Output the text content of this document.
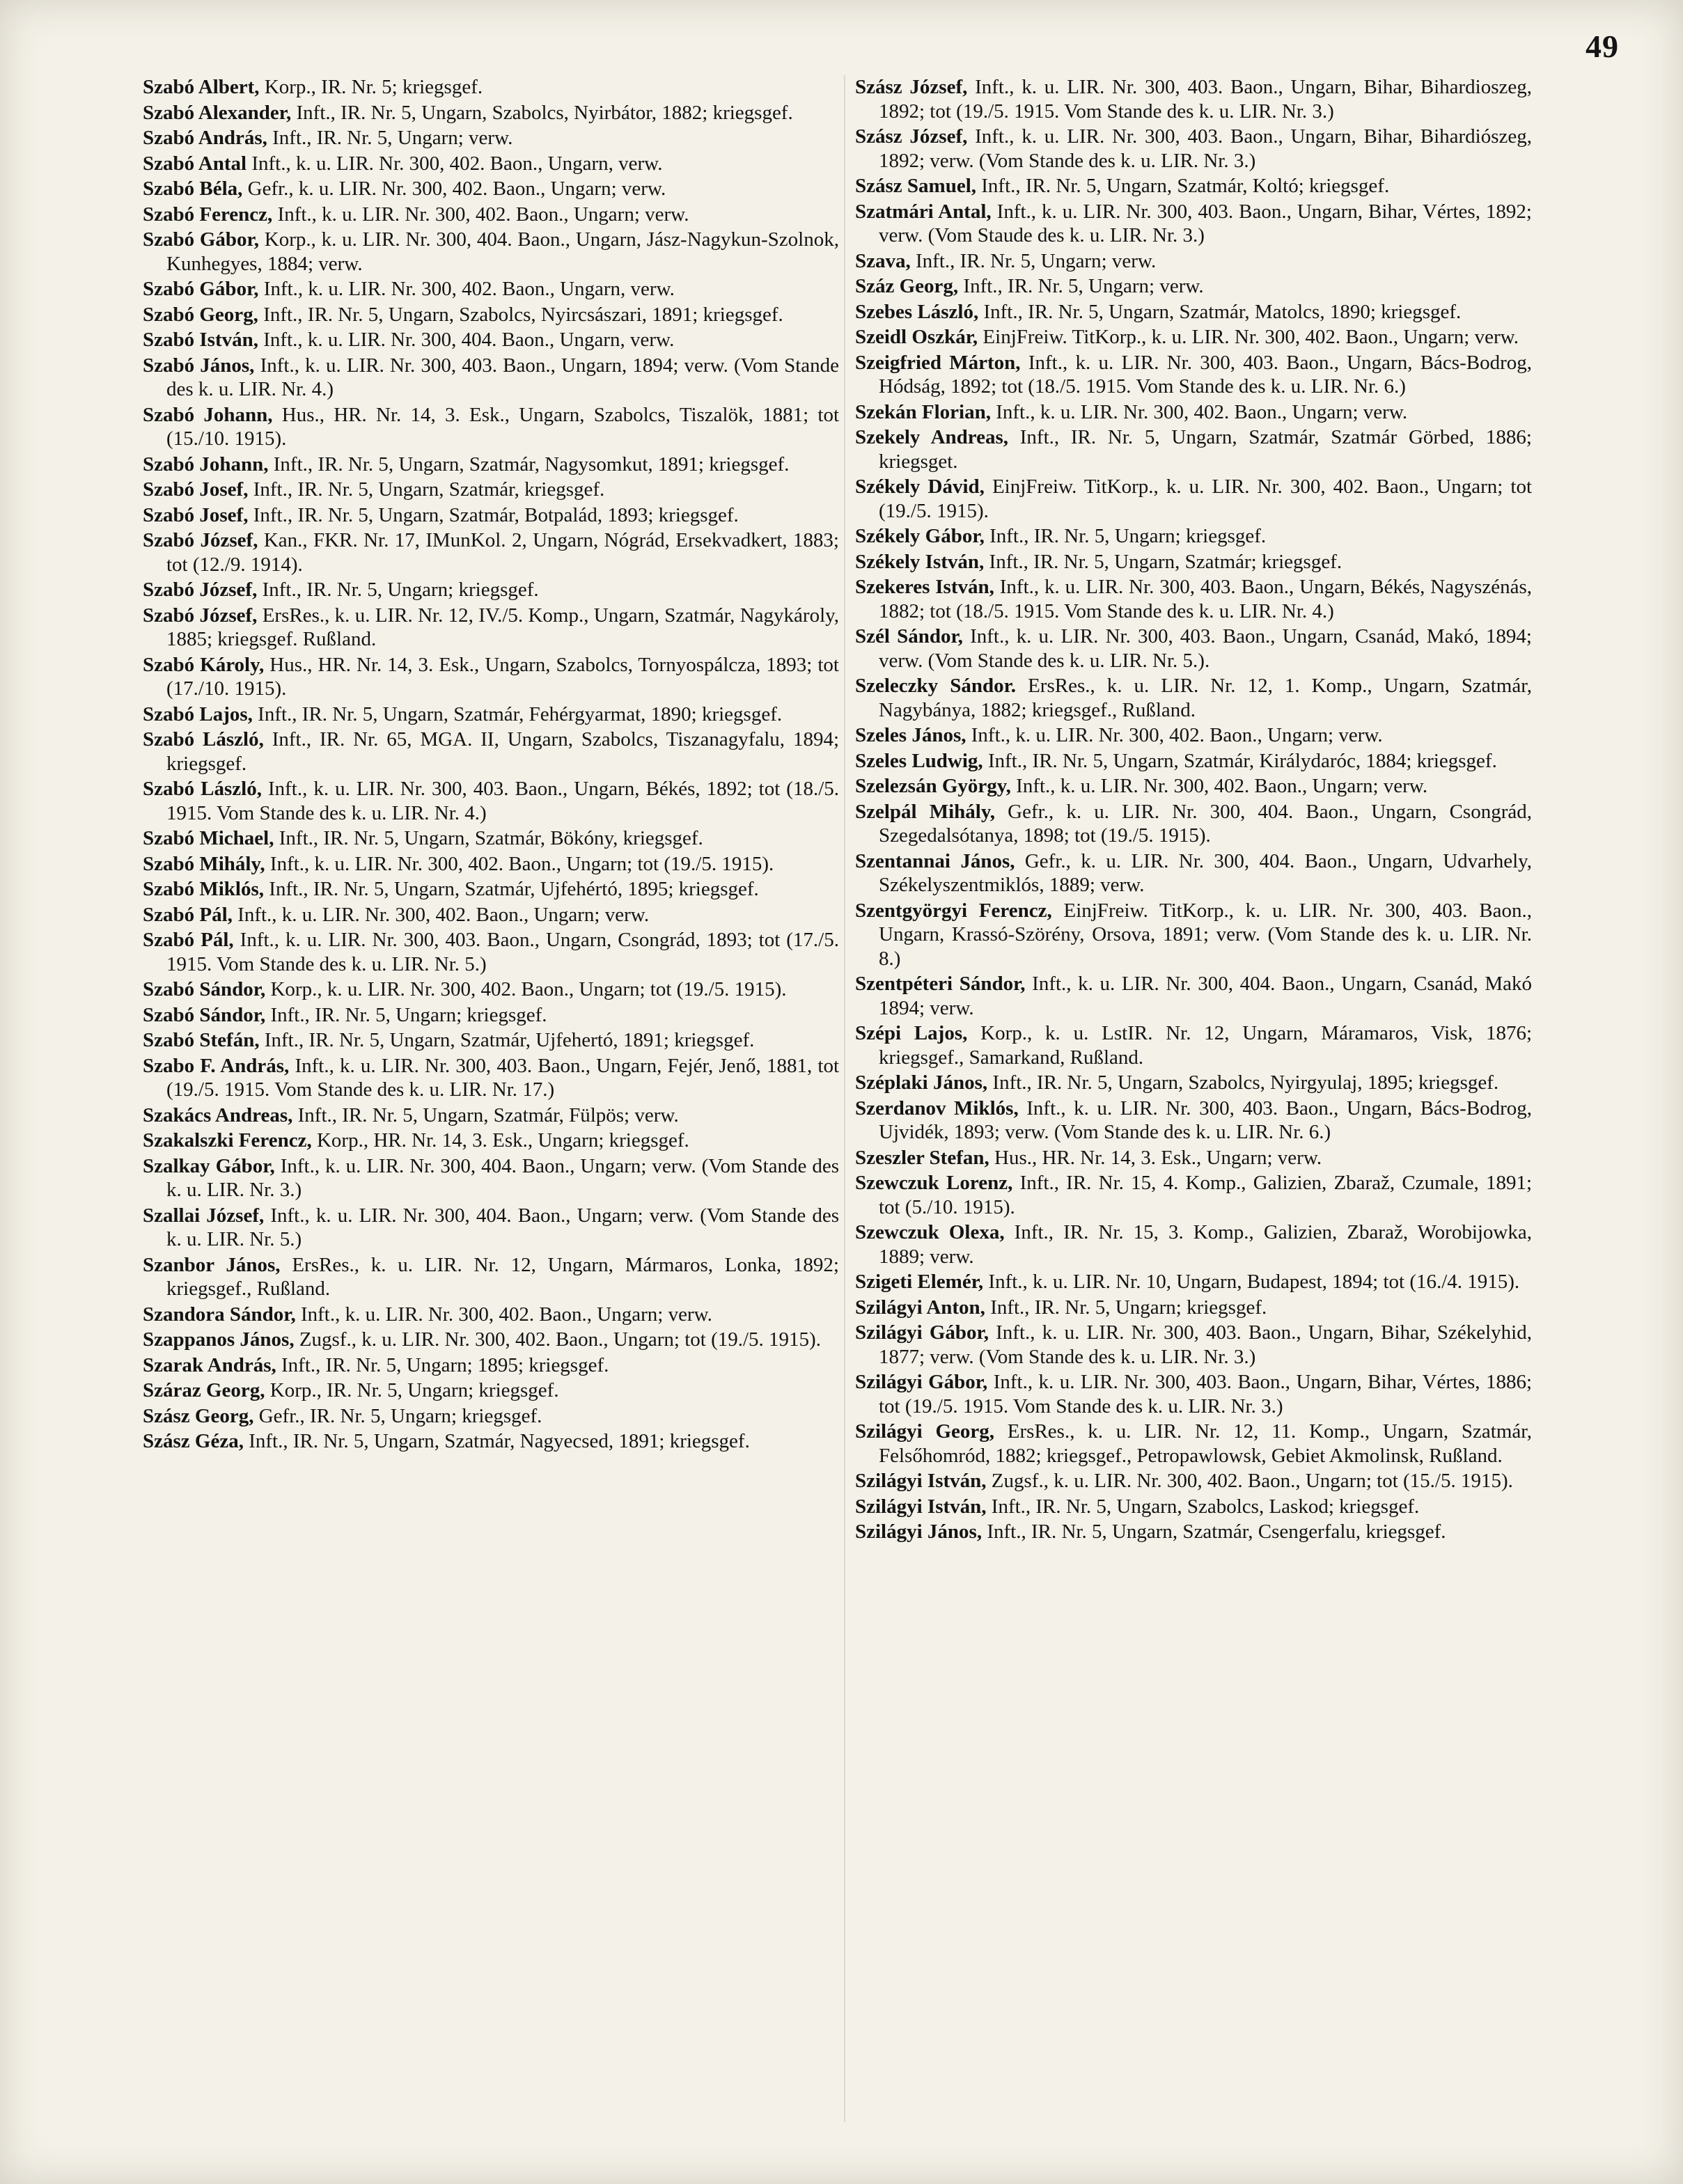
49

Szabó Albert, Korp., IR. Nr. 5; kriegsgef.

Szabó Alexander, Inft., IR. Nr. 5, Ungarn, Szabolcs, Nyirbátor, 1882; kriegsgef.

Szabó András, Inft., IR. Nr. 5, Ungarn; verw.

Szabó Antal Inft., k. u. LIR. Nr. 300, 402. Baon., Ungarn, verw.

Szabó Béla, Gefr., k. u. LIR. Nr. 300, 402. Baon., Ungarn; verw.

Szabó Ferencz, Inft., k. u. LIR. Nr. 300, 402. Baon., Ungarn; verw.

Szabó Gábor, Korp., k. u. LIR. Nr. 300, 404. Baon., Ungarn, Jász-Nagykun-Szolnok, Kunhegyes, 1884; verw.

Szabó Gábor, Inft., k. u. LIR. Nr. 300, 402. Baon., Ungarn, verw.

Szabó Georg, Inft., IR. Nr. 5, Ungarn, Szabolcs, Nyircsászari, 1891; kriegsgef.

Szabó István, Inft., k. u. LIR. Nr. 300, 404. Baon., Ungarn, verw.

Szabó János, Inft., k. u. LIR. Nr. 300, 403. Baon., Ungarn, 1894; verw. (Vom Stande des k. u. LIR. Nr. 4.)

Szabó Johann, Hus., HR. Nr. 14, 3. Esk., Ungarn, Szabolcs, Tiszalök, 1881; tot (15./10. 1915).

Szabó Johann, Inft., IR. Nr. 5, Ungarn, Szatmár, Nagysomkut, 1891; kriegsgef.

Szabó Josef, Inft., IR. Nr. 5, Ungarn, Szatmár, kriegsgef.

Szabó Josef, Inft., IR. Nr. 5, Ungarn, Szatmár, Botpalád, 1893; kriegsgef.

Szabó József, Kan., FKR. Nr. 17, IMunKol. 2, Ungarn, Nógrád, Ersekvadkert, 1883; tot (12./9. 1914).

Szabó József, Inft., IR. Nr. 5, Ungarn; kriegsgef.

Szabó József, ErsRes., k. u. LIR. Nr. 12, IV./5. Komp., Ungarn, Szatmár, Nagykároly, 1885; kriegsgef. Rußland.

Szabó Károly, Hus., HR. Nr. 14, 3. Esk., Ungarn, Szabolcs, Tornyospálcza, 1893; tot (17./10. 1915).

Szabó Lajos, Inft., IR. Nr. 5, Ungarn, Szatmár, Fehérgyarmat, 1890; kriegsgef.

Szabó László, Inft., IR. Nr. 65, MGA. II, Ungarn, Szabolcs, Tiszanagyfalu, 1894; kriegsgef.

Szabó László, Inft., k. u. LIR. Nr. 300, 403. Baon., Ungarn, Békés, 1892; tot (18./5. 1915. Vom Stande des k. u. LIR. Nr. 4.)

Szabó Michael, Inft., IR. Nr. 5, Ungarn, Szatmár, Bökóny, kriegsgef.

Szabó Mihály, Inft., k. u. LIR. Nr. 300, 402. Baon., Ungarn; tot (19./5. 1915).

Szabó Miklós, Inft., IR. Nr. 5, Ungarn, Szatmár, Ujfehértó, 1895; kriegsgef.

Szabó Pál, Inft., k. u. LIR. Nr. 300, 402. Baon., Ungarn; verw.

Szabó Pál, Inft., k. u. LIR. Nr. 300, 403. Baon., Ungarn, Csongrád, 1893; tot (17./5. 1915. Vom Stande des k. u. LIR. Nr. 5.)

Szabó Sándor, Korp., k. u. LIR. Nr. 300, 402. Baon., Ungarn; tot (19./5. 1915).

Szabó Sándor, Inft., IR. Nr. 5, Ungarn; kriegsgef.

Szabó Stefán, Inft., IR. Nr. 5, Ungarn, Szatmár, Ujfehertó, 1891; kriegsgef.

Szabo F. András, Inft., k. u. LIR. Nr. 300, 403. Baon., Ungarn, Fejér, Jenő, 1881, tot (19./5. 1915. Vom Stande des k. u. LIR. Nr. 17.)

Szakács Andreas, Inft., IR. Nr. 5, Ungarn, Szatmár, Fülpös; verw.

Szakalszki Ferencz, Korp., HR. Nr. 14, 3. Esk., Ungarn; kriegsgef.

Szalkay Gábor, Inft., k. u. LIR. Nr. 300, 404. Baon., Ungarn; verw. (Vom Stande des k. u. LIR. Nr. 3.)

Szallai József, Inft., k. u. LIR. Nr. 300, 404. Baon., Ungarn; verw. (Vom Stande des k. u. LIR. Nr. 5.)

Szanbor János, ErsRes., k. u. LIR. Nr. 12, Ungarn, Mármaros, Lonka, 1892; kriegsgef., Rußland.

Szandora Sándor, Inft., k. u. LIR. Nr. 300, 402. Baon., Ungarn; verw.

Szappanos János, Zugsf., k. u. LIR. Nr. 300, 402. Baon., Ungarn; tot (19./5. 1915).

Szarak András, Inft., IR. Nr. 5, Ungarn; 1895; kriegsgef.

Száraz Georg, Korp., IR. Nr. 5, Ungarn; kriegsgef.

Szász Georg, Gefr., IR. Nr. 5, Ungarn; kriegsgef.

Szász Géza, Inft., IR. Nr. 5, Ungarn, Szatmár, Nagyecsed, 1891; kriegsgef.

Szász József, Inft., k. u. LIR. Nr. 300, 403. Baon., Ungarn, Bihar, Bihardioszeg, 1892; tot (19./5. 1915. Vom Stande des k. u. LIR. Nr. 3.)

Szász József, Inft., k. u. LIR. Nr. 300, 403. Baon., Ungarn, Bihar, Bihardiószeg, 1892; verw. (Vom Stande des k. u. LIR. Nr. 3.)

Szász Samuel, Inft., IR. Nr. 5, Ungarn, Szatmár, Koltó; kriegsgef.

Szatmári Antal, Inft., k. u. LIR. Nr. 300, 403. Baon., Ungarn, Bihar, Vértes, 1892; verw. (Vom Staude des k. u. LIR. Nr. 3.)

Szava, Inft., IR. Nr. 5, Ungarn; verw.

Száz Georg, Inft., IR. Nr. 5, Ungarn; verw.

Szebes László, Inft., IR. Nr. 5, Ungarn, Szatmár, Matolcs, 1890; kriegsgef.

Szeidl Oszkár, EinjFreiw. TitKorp., k. u. LIR. Nr. 300, 402. Baon., Ungarn; verw.

Szeigfried Márton, Inft., k. u. LIR. Nr. 300, 403. Baon., Ungarn, Bács-Bodrog, Hódság, 1892; tot (18./5. 1915. Vom Stande des k. u. LIR. Nr. 6.)

Szekán Florian, Inft., k. u. LIR. Nr. 300, 402. Baon., Ungarn; verw.

Szekely Andreas, Inft., IR. Nr. 5, Ungarn, Szatmár, Szatmár Görbed, 1886; kriegsget.

Székely Dávid, EinjFreiw. TitKorp., k. u. LIR. Nr. 300, 402. Baon., Ungarn; tot (19./5. 1915).

Székely Gábor, Inft., IR. Nr. 5, Ungarn; kriegsgef.

Székely István, Inft., IR. Nr. 5, Ungarn, Szatmár; kriegsgef.

Szekeres István, Inft., k. u. LIR. Nr. 300, 403. Baon., Ungarn, Békés, Nagyszénás, 1882; tot (18./5. 1915. Vom Stande des k. u. LIR. Nr. 4.)

Szél Sándor, Inft., k. u. LIR. Nr. 300, 403. Baon., Ungarn, Csanád, Makó, 1894; verw. (Vom Stande des k. u. LIR. Nr. 5.).

Szeleczky Sándor. ErsRes., k. u. LIR. Nr. 12, 1. Komp., Ungarn, Szatmár, Nagybánya, 1882; kriegsgef., Rußland.

Szeles János, Inft., k. u. LIR. Nr. 300, 402. Baon., Ungarn; verw.

Szeles Ludwig, Inft., IR. Nr. 5, Ungarn, Szatmár, Királydaróc, 1884; kriegsgef.

Szelezsán György, Inft., k. u. LIR. Nr. 300, 402. Baon., Ungarn; verw.

Szelpál Mihály, Gefr., k. u. LIR. Nr. 300, 404. Baon., Ungarn, Csongrád, Szegedalsótanya, 1898; tot (19./5. 1915).

Szentannai János, Gefr., k. u. LIR. Nr. 300, 404. Baon., Ungarn, Udvarhely, Székelyszentmiklós, 1889; verw.

Szentgyörgyi Ferencz, EinjFreiw. TitKorp., k. u. LIR. Nr. 300, 403. Baon., Ungarn, Krassó-Szörény, Orsova, 1891; verw. (Vom Stande des k. u. LIR. Nr. 8.)

Szentpéteri Sándor, Inft., k. u. LIR. Nr. 300, 404. Baon., Ungarn, Csanád, Makó 1894; verw.

Szépi Lajos, Korp., k. u. LstIR. Nr. 12, Ungarn, Máramaros, Visk, 1876; kriegsgef., Samarkand, Rußland.

Széplaki János, Inft., IR. Nr. 5, Ungarn, Szabolcs, Nyirgyulaj, 1895; kriegsgef.

Szerdanov Miklós, Inft., k. u. LIR. Nr. 300, 403. Baon., Ungarn, Bács-Bodrog, Ujvidék, 1893; verw. (Vom Stande des k. u. LIR. Nr. 6.)

Szeszler Stefan, Hus., HR. Nr. 14, 3. Esk., Ungarn; verw.

Szewczuk Lorenz, Inft., IR. Nr. 15, 4. Komp., Galizien, Zbaraž, Czumale, 1891; tot (5./10. 1915).

Szewczuk Olexa, Inft., IR. Nr. 15, 3. Komp., Galizien, Zbaraž, Worobijowka, 1889; verw.

Szigeti Elemér, Inft., k. u. LIR. Nr. 10, Ungarn, Budapest, 1894; tot (16./4. 1915).

Szilágyi Anton, Inft., IR. Nr. 5, Ungarn; kriegsgef.

Szilágyi Gábor, Inft., k. u. LIR. Nr. 300, 403. Baon., Ungarn, Bihar, Székelyhid, 1877; verw. (Vom Stande des k. u. LIR. Nr. 3.)

Szilágyi Gábor, Inft., k. u. LIR. Nr. 300, 403. Baon., Ungarn, Bihar, Vértes, 1886; tot (19./5. 1915. Vom Stande des k. u. LIR. Nr. 3.)

Szilágyi Georg, ErsRes., k. u. LIR. Nr. 12, 11. Komp., Ungarn, Szatmár, Felsőhomród, 1882; kriegsgef., Petropawlowsk, Gebiet Akmolinsk, Rußland.

Szilágyi István, Zugsf., k. u. LIR. Nr. 300, 402. Baon., Ungarn; tot (15./5. 1915).

Szilágyi István, Inft., IR. Nr. 5, Ungarn, Szabolcs, Laskod; kriegsgef.

Szilágyi János, Inft., IR. Nr. 5, Ungarn, Szatmár, Csengerfalu, kriegsgef.
